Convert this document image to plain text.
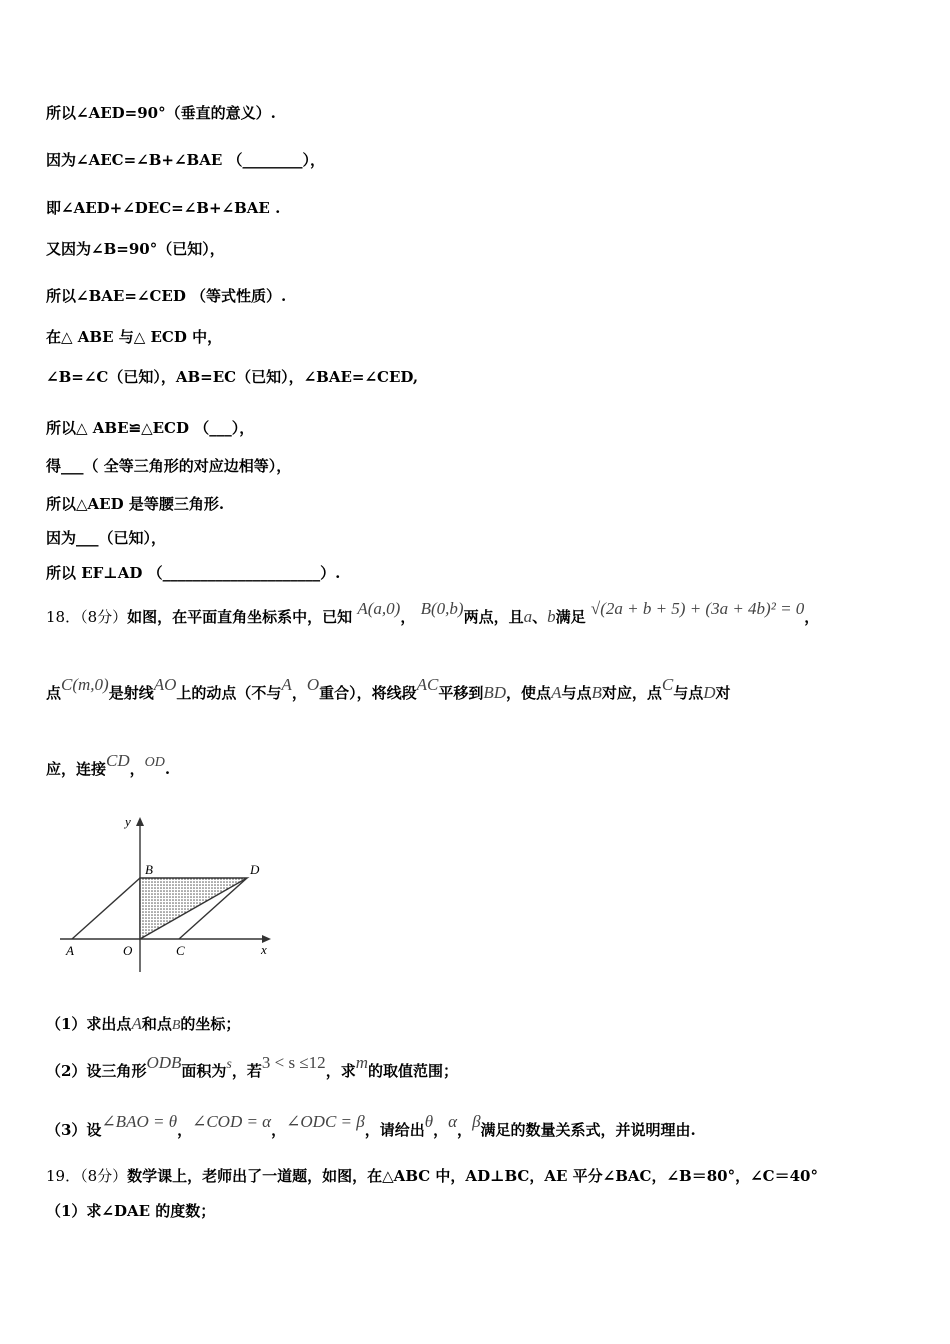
所以∠AED=90°（垂直的意义）.
因为∠AEC=∠B+∠BAE （________），
即∠AED+∠DEC=∠B+∠BAE .
又因为∠B=90°（已知），
所以∠BAE=∠CED （等式性质）.
在△ ABE 与△ ECD 中，
∠B=∠C（已知），AB=EC（已知），∠BAE=∠CED,
所以△ ABE≌△ECD （___），
得___（ 全等三角形的对应边相等），
所以△AED 是等腰三角形.
因为___（已知），
所以 EF⊥AD （_____________________）.
18．（8分）如图，在平面直角坐标系中，已知 A(a,0)， B(0,b)两点，且a、b满足 √(2a + b + 5) + (3a + 4b)² = 0，
点C(m,0)是射线AO上的动点（不与A，O重合），将线段AC平移到BD，使点A与点B对应，点C与点D对
应，连接CD，OD.
y
x
A	O	C
B	D
（1）求出点A和点B的坐标；
（2）设三角形ODB面积为s，若3 < s ≤12，求m的取值范围；
（3）设∠BAO = θ，∠COD = α，∠ODC = β，请给出θ，α，β满足的数量关系式，并说明理由.
19．（8分）数学课上，老师出了一道题，如图，在△ABC 中，AD⊥BC，AE 平分∠BAC，∠B＝80°，∠C＝40°
（1）求∠DAE 的度数；
